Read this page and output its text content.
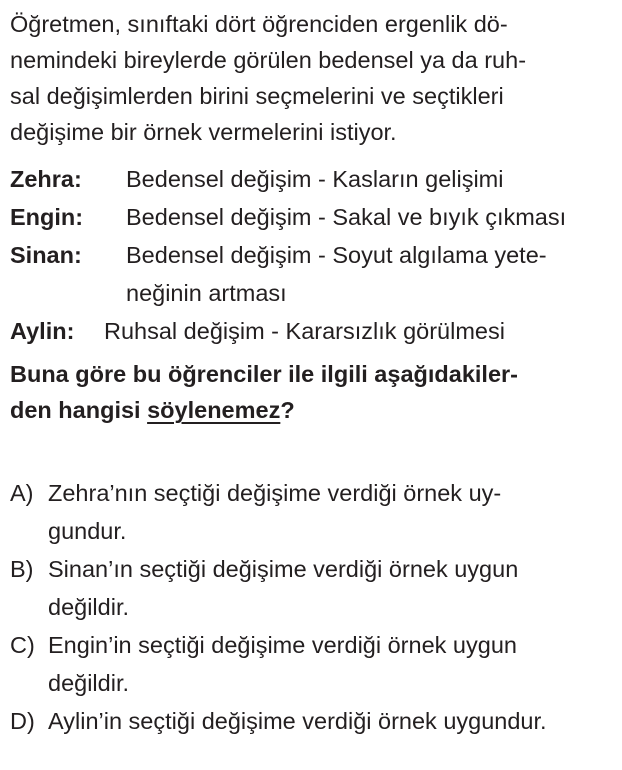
Öğretmen, sınıftaki dört öğrenciden ergenlik dö-
nemindeki bireylerde görülen bedensel ya da ruh-
sal değişimlerden birini seçmelerini ve seçtikleri
değişime bir örnek vermelerini istiyor.
Zehra:	Bedensel değişim - Kasların gelişimi
Engin:	Bedensel değişim - Sakal ve bıyık çıkması
Sinan:	Bedensel değişim - Soyut algılama yete-
neğinin artması
Aylin:	Ruhsal değişim - Kararsızlık görülmesi
Buna göre bu öğrenciler ile ilgili aşağıdakiler-
den hangisi söylenemez?
A) Zehra’nın seçtiği değişime verdiği örnek uy-
gundur.
B) Sinan’ın seçtiği değişime verdiği örnek uygun
değildir.
C) Engin’in seçtiği değişime verdiği örnek uygun
değildir.
D) Aylin’in seçtiği değişime verdiği örnek uygundur.
